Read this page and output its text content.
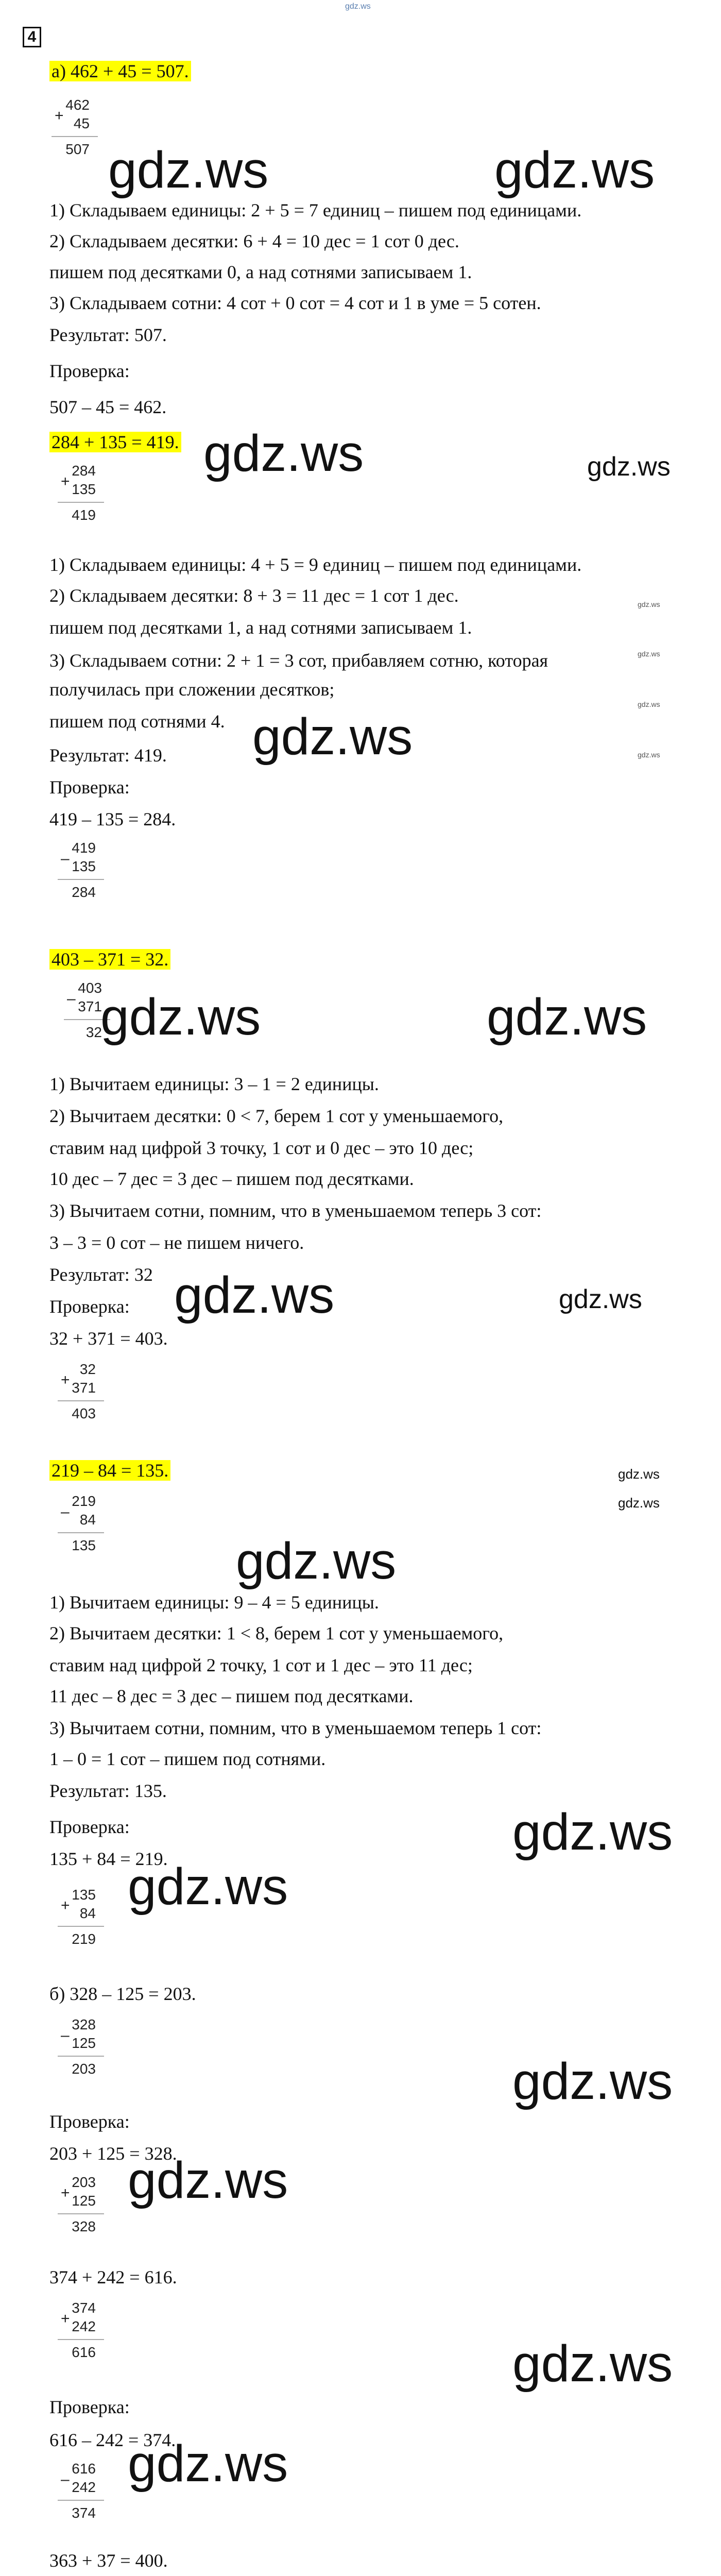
gdz.ws
4
а) 462 + 45 = 507.
+
462
45
507 gdz.ws	gdz.ws
1) Складываем единицы: 2 + 5 = 7 единиц – пишем под единицами.
2) Складываем десятки: 6 + 4 = 10 дес = 1 сот 0 дес.
пишем под десятками 0, а над сотнями записываем 1.
3) Складываем сотни: 4 сот + 0 сот = 4 сот и 1 в уме = 5 сотен.
Результат: 507.
Проверка:
507 – 45 = 462.
284 + 135 = 419. gdz.ws	gdz.ws
+
284
135
419
1) Складываем единицы: 4 + 5 = 9 единиц – пишем под единицами.
2) Складываем десятки: 8 + 3 = 11 дес = 1 сот 1 дес.	gdz.ws
пишем под десятками 1, а над сотнями записываем 1.
3) Складываем сотни: 2 + 1 = 3 сот, прибавляем сотню, которая	gdz.ws
получилась при сложении десятков;
gdz.ws
пишем под сотнями 4. gdz.ws
Результат: 419.	gdz.ws
Проверка:
419 – 135 = 284.
–
419
135
284
403 – 371 = 32.
–
403
371
32
gdz.ws	gdz.ws
1) Вычитаем единицы: 3 – 1 = 2 единицы.
2) Вычитаем десятки: 0 < 7, берем 1 сот у уменьшаемого,
ставим над цифрой 3 точку, 1 сот и 0 дес – это 10 дес;
10 дес – 7 дес = 3 дес – пишем под десятками.
3) Вычитаем сотни, помним, что в уменьшаемом теперь 3 сот:
3 – 3 = 0 сот – не пишем ничего.
Результат: 32 gdz.ws	gdz.ws
Проверка:
32 + 371 = 403.
+
32
371
403
219 – 84 = 135.	gdz.ws
–
219
84
135
gdz.ws
gdz.ws
1) Вычитаем единицы: 9 – 4 = 5 единицы.
2) Вычитаем десятки: 1 < 8, берем 1 сот у уменьшаемого,
ставим над цифрой 2 точку, 1 сот и 1 дес – это 11 дес;
11 дес – 8 дес = 3 дес – пишем под десятками.
3) Вычитаем сотни, помним, что в уменьшаемом теперь 1 сот:
1 – 0 = 1 сот – пишем под сотнями.
Результат: 135.
Проверка:	gdz.ws
135 + 84 = 219.
gdz.ws
+
135
84
219
б) 328 – 125 = 203.
–
328
125
203	gdz.ws
Проверка:
203 + 125 = 328.
gdz.ws
+
203
125
328
374 + 242 = 616.
+
374
242
616	gdz.ws
Проверка:
616 – 242 = 374.
gdz.ws
–
616
242
374
363 + 37 = 400.
